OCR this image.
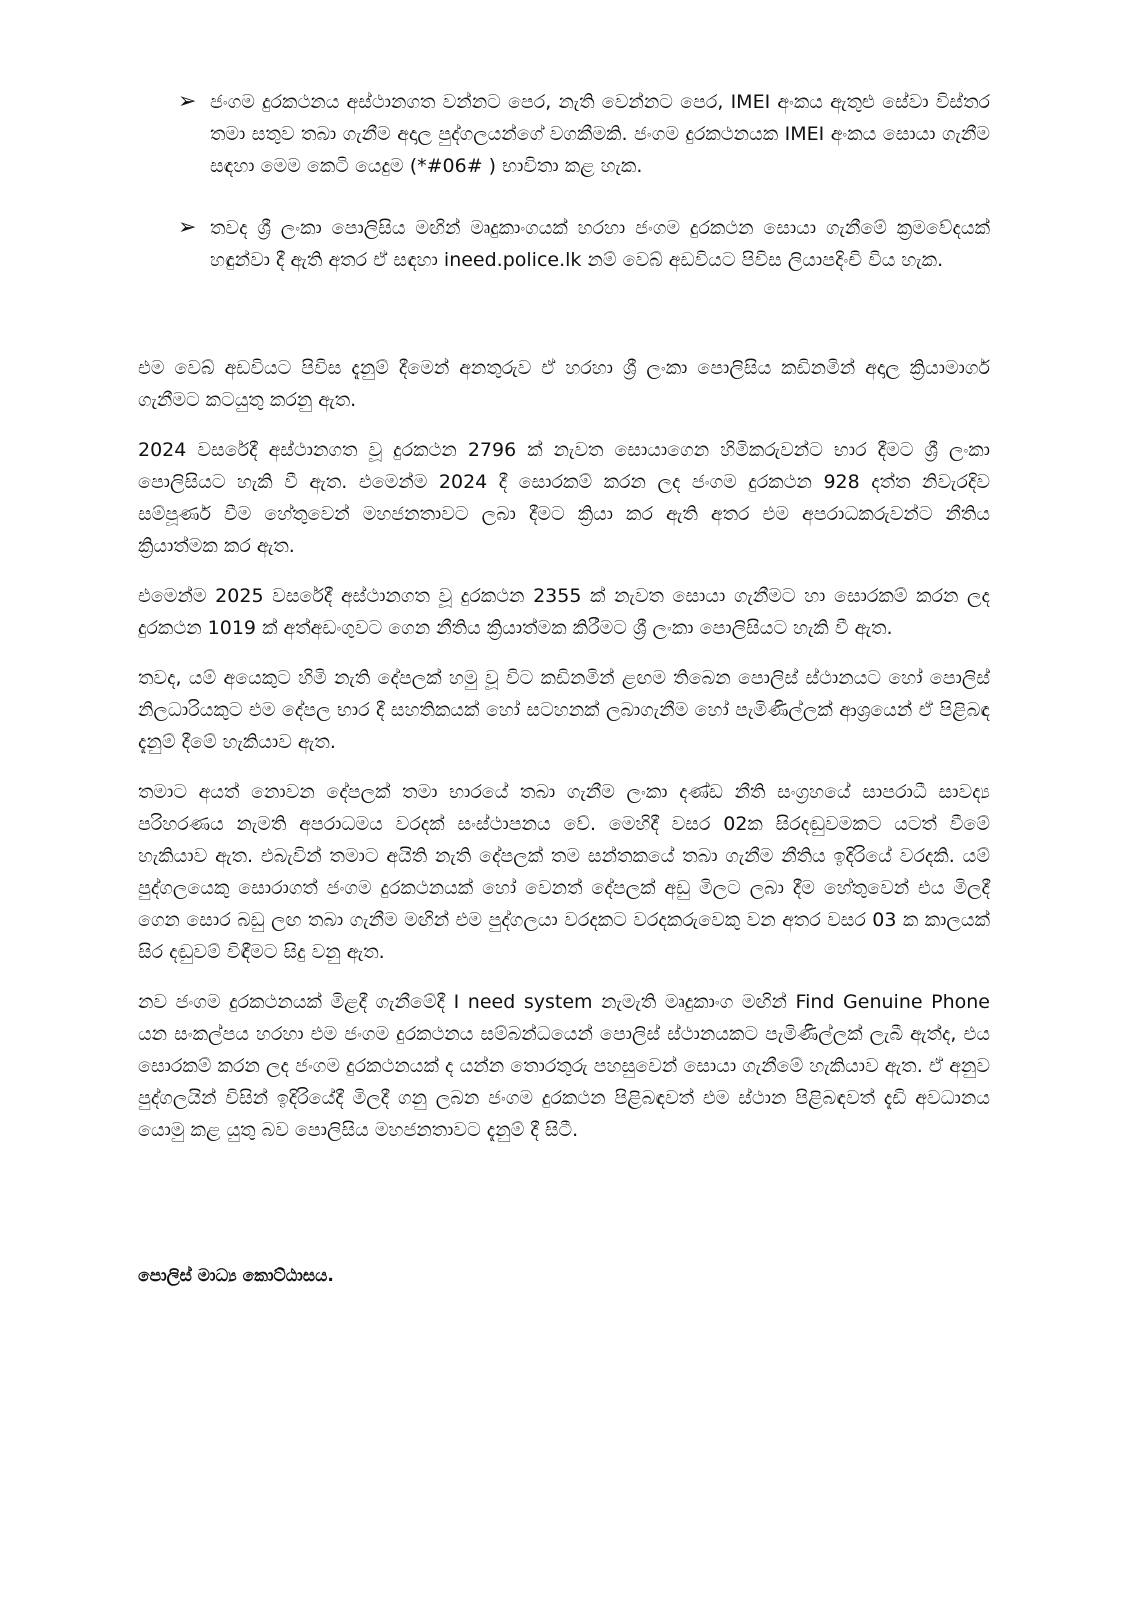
➢ ජංගම දුරකථනය අස්ථානගත වන්නට පෙර, නැති වෙන්නට පෙර, IMEI අංකය ඇතුළු සේවා විස්තර තමා සතුව තබා ගැනීම අදාල පුද්ගලයන්ගේ වගකීමකි. ජංගම දුරකථනයක IMEI අංකය සොයා ගැනීම සඳහා මෙම කෙටි යෙදුම (*#06# ) භාවිතා කළ හැක.
➢ තවද ශ්‍රී ලංකා පොලිසිය මඟින් මෘදුකාංගයක් හරහා ජංගම දුරකථන සොයා ගැනීමේ ක්‍රමවේදයක් හඳුන්වා දී ඇති අතර ඒ සඳහා ineed.police.lk නම් වෙබ් අඩවියට පිවිස ලියාපදිංචි විය හැක.

එම වෙබ් අඩවියට පිවිස දැනුම් දීමෙන් අනතුරුව ඒ හරහා ශ්‍රී ලංකා පොලිසිය කඩිනමින් අදාල ක්‍රියාමාර්ග ගැනීමට කටයුතු කරනු ඇත.

2024 වසරේදී අස්ථානගත වූ දුරකථන 2796 ක් නැවත සොයාගෙන හිමිකරුවන්ට භාර දීමට ශ්‍රී ලංකා පොලිසියට හැකි වී ඇත. එමෙන්ම 2024 දී සොරකම් කරන ලද ජංගම දුරකථන 928 දත්ත නිවැරදිව සම්පූර්ණ වීම හේතුවෙන් මහජනතාවට ලබා දීමට ක්‍රියා කර ඇති අතර එම අපරාධකරුවන්ට නීතිය ක්‍රියාත්මක කර ඇත.

එමෙන්ම 2025 වසරේදී අස්ථානගත වූ දුරකථන 2355 ක් නැවත සොයා ගැනීමට හා සොරකම් කරන ලද දුරකථන 1019 ක් අත්අඩංගුවට ගෙන නීතිය ක්‍රියාත්මක කිරීමට ශ්‍රී ලංකා පොලිසියට හැකි වී ඇත.

තවද, යම් අයෙකුට හිමි නැති දේපලක් හමු වූ විට කඩිනමින් ළඟම තිබෙන පොලිස් ස්ථානයට හෝ පොලිස් නිලධාරියකුට එම දේපල භාර දී සහතිකයක් හෝ සටහනක් ලබාගැනීම හෝ පැමිණිල්ලක් ආශ්‍රයෙන් ඒ පිළිබඳ දැනුම් දීමේ හැකියාව ඇත.

තමාට අයත් නොවන දේපලක් තමා භාරයේ තබා ගැනීම ලංකා දණ්ඩ නීති සංග්‍රහයේ සාපරාධී සාවද්‍ය පරිහරණය නැමති අපරාධමය වරදක් සංස්ථාපනය වේ. මෙහිදී වසර 02ක සිරදඬුවමකට යටත් වීමේ හැකියාව ඇත. එබැවින් තමාට අයිති නැති දේපලක් තම සන්තකයේ තබා ගැනීම නීතිය ඉදිරියේ වරදකි. යම් පුද්ගලයෙකු සොරාගත් ජංගම දුරකථනයක් හෝ වෙනත් දේපලක් අඩු මිලට ලබා දීම හේතුවෙන් එය මිලදී ගෙන සොර බඩු ලඟ තබා ගැනීම මඟින් එම පුද්ගලයා වරදකට වරදකරුවෙකු වන අතර වසර 03 ක කාලයක් සිර දඬුවම් විඳීමට සිදු වනු ඇත.

නව ජංගම දුරකථනයක් මිළදී ගැනීමේදී I need system නැමැති මෘදුකාංග මඟින් Find Genuine Phone යන සංකල්පය හරහා එම ජංගම දුරකථනය සම්බන්ධයෙන් පොලිස් ස්ථානයකට පැමිණිල්ලක් ලැබී ඇත්ද, එය සොරකම් කරන ලද ජංගම දුරකථනයක් ද යන්න තොරතුරු පහසුවෙන් සොයා ගැනීමේ හැකියාව ඇත. ඒ අනුව පුද්ගලයින් විසින් ඉදිරියේදී මිලදී ගනු ලබන ජංගම දුරකථන පිළිබඳවත් එම ස්ථාන පිළිබඳවත් දැඩි අවධානය යොමු කළ යුතු බව පොලිසිය මහජනතාවට දැනුම් දී සිටී.

පොලිස් මාධ්‍ය කොට්ඨාසය.
